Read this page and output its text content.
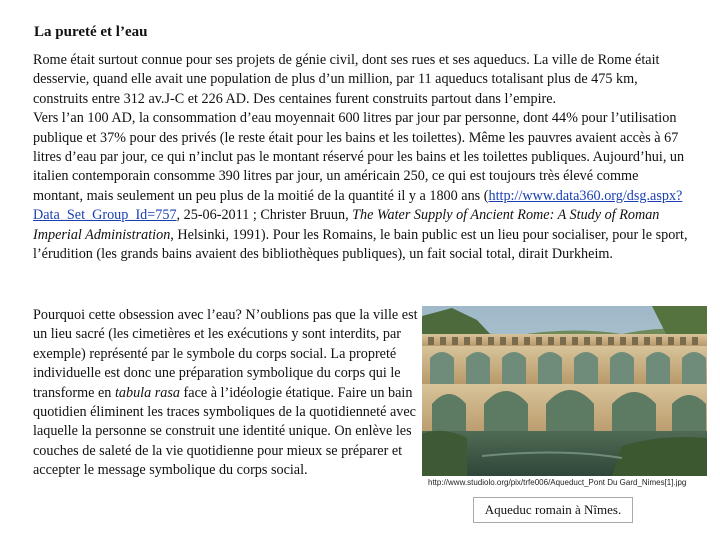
La pureté et l’eau

Rome était surtout connue pour ses projets de génie civil, dont ses rues et ses aqueducs. La ville de Rome était desservie, quand elle avait une population de plus d’un million, par 11 aqueducs totalisant plus de 475 km, construits entre 312 av.J-C et 226 AD. Des centaines furent construits partout dans l’empire.

Vers l’an 100 AD, la consommation d’eau moyennait 600 litres par jour par personne, dont 44% pour l’utilisation publique et 37% pour des privés (le reste était pour les bains et les toilettes). Même les pauvres avaient accès à 67 litres d’eau par jour, ce qui n’inclut pas le montant réservé pour les bains et les toilettes publiques. Aujourd’hui, un italien contemporain consomme 390 litres par jour, un américain 250, ce qui est toujours très élevé comme montant, mais seulement un peu plus de la moitié de la quantité il y a 1800 ans (http://www.data360.org/dsg.aspx?Data_Set_Group_Id=757, 25-06-2011 ; Christer Bruun, The Water Supply of Ancient Rome: A Study of Roman Imperial Administration, Helsinki, 1991). Pour les Romains, le bain public est un lieu pour socialiser, pour le sport, l’érudition (les grands bains avaient des bibliothèques publiques), un fait social total, dirait Durkheim.

Pourquoi cette obsession avec l’eau? N’oublions pas que la ville est un lieu sacré (les cimetières et les exécutions y sont interdits, par exemple) représenté par le symbole du corps social. La propreté individuelle est donc une préparation symbolique du corps qui le transforme en tabula rasa face à l’idéologie étatique. Faire un bain quotidien éliminent les traces symboliques de la quotidienneté avec laquelle la personne se construit une identité unique. On enlève les couches de saleté de la vie quotidienne pour mieux se préparer et accepter le message symbolique du corps social.
http://www.studiolo.org/pix/trfe006/Aqueduct_Pont Du Gard_Nimes[1].jpg
Aqueduc romain à Nîmes.
